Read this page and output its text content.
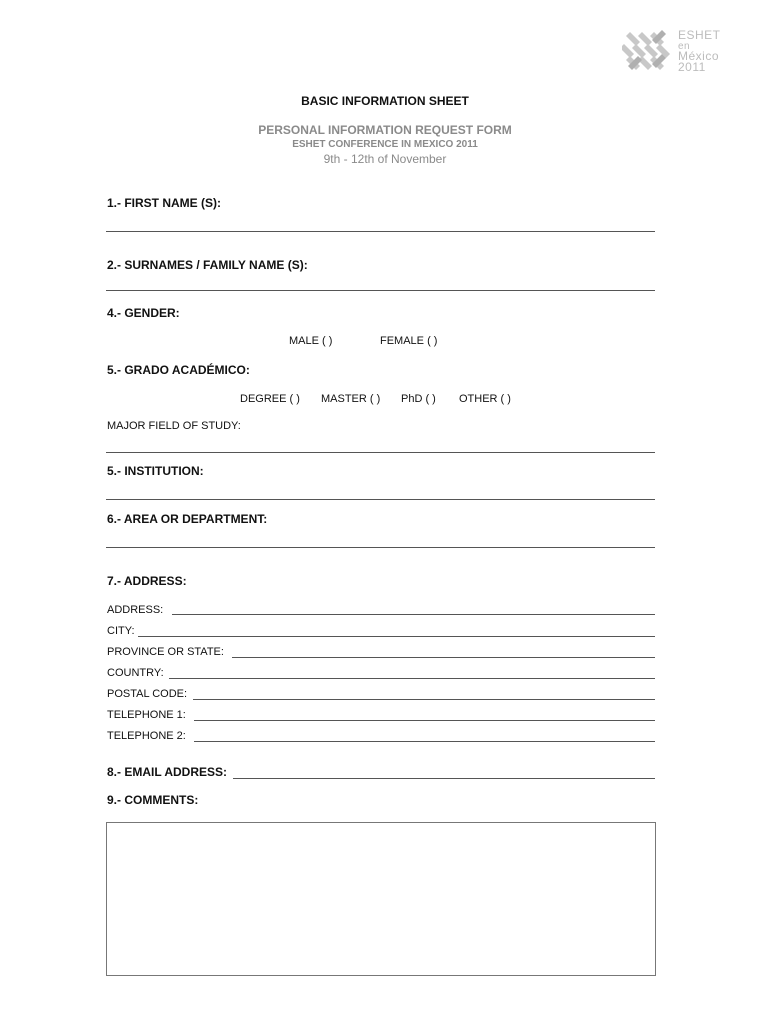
ESHET
en
México
2011
BASIC INFORMATION SHEET
PERSONAL INFORMATION REQUEST FORM
ESHET CONFERENCE IN MEXICO 2011
9th - 12th of November
1.- FIRST NAME (S):
2.- SURNAMES / FAMILY NAME (S):
4.- GENDER:
MALE ( )	FEMALE ( )
5.- GRADO ACADÉMICO:
DEGREE ( ) MASTER ( ) PhD ( ) OTHER ( )
MAJOR FIELD OF STUDY:
5.- INSTITUTION:
6.- AREA OR DEPARTMENT:
7.- ADDRESS:
ADDRESS:
CITY:
PROVINCE OR STATE:
COUNTRY:
POSTAL CODE:
TELEPHONE 1:
TELEPHONE 2:
8.- EMAIL ADDRESS:
9.- COMMENTS:
